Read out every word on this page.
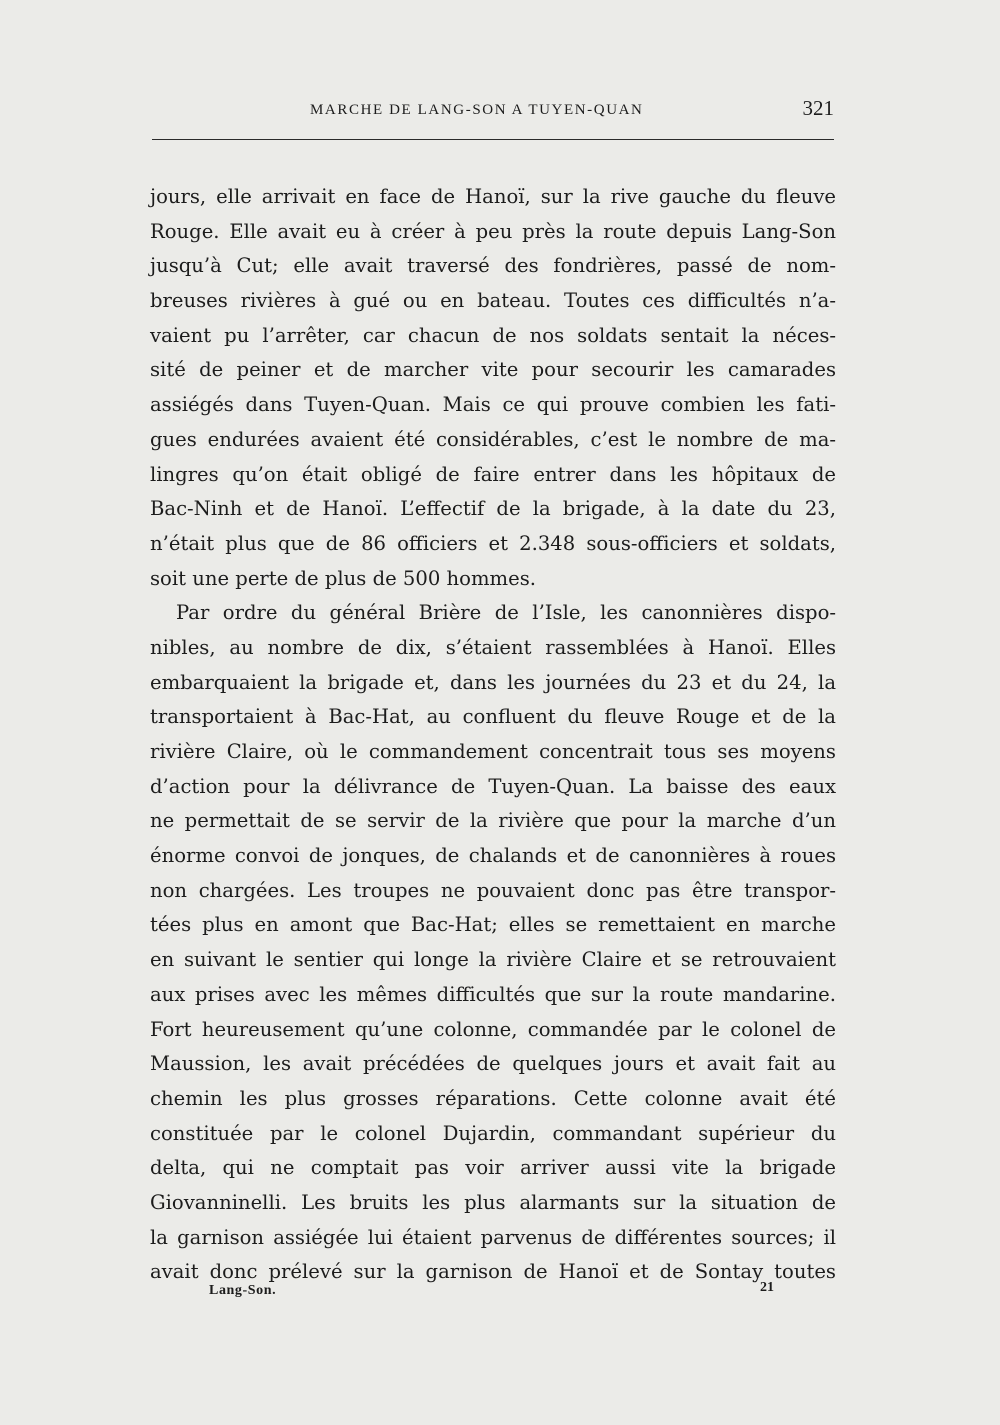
MARCHE DE LANG-SON A TUYEN-QUAN	321
jours, elle arrivait en face de Hanoï, sur la rive gauche du fleuve
Rouge. Elle avait eu à créer à peu près la route depuis Lang-Son
jusqu’à Cut; elle avait traversé des fondrières, passé de nom-
breuses rivières à gué ou en bateau. Toutes ces difficultés n’a-
vaient pu l’arrêter, car chacun de nos soldats sentait la néces-
sité de peiner et de marcher vite pour secourir les camarades
assiégés dans Tuyen-Quan. Mais ce qui prouve combien les fati-
gues endurées avaient été considérables, c’est le nombre de ma-
lingres qu’on était obligé de faire entrer dans les hôpitaux de
Bac-Ninh et de Hanoï. L’effectif de la brigade, à la date du 23,
n’était plus que de 86 officiers et 2.348 sous-officiers et soldats,
soit une perte de plus de 500 hommes.
Par ordre du général Brière de l’Isle, les canonnières dispo-
nibles, au nombre de dix, s’étaient rassemblées à Hanoï. Elles
embarquaient la brigade et, dans les journées du 23 et du 24, la
transportaient à Bac-Hat, au confluent du fleuve Rouge et de la
rivière Claire, où le commandement concentrait tous ses moyens
d’action pour la délivrance de Tuyen-Quan. La baisse des eaux
ne permettait de se servir de la rivière que pour la marche d’un
énorme convoi de jonques, de chalands et de canonnières à roues
non chargées. Les troupes ne pouvaient donc pas être transpor-
tées plus en amont que Bac-Hat; elles se remettaient en marche
en suivant le sentier qui longe la rivière Claire et se retrouvaient
aux prises avec les mêmes difficultés que sur la route mandarine.
Fort heureusement qu’une colonne, commandée par le colonel de
Maussion, les avait précédées de quelques jours et avait fait au
chemin les plus grosses réparations. Cette colonne avait été
constituée par le colonel Dujardin, commandant supérieur du
delta, qui ne comptait pas voir arriver aussi vite la brigade
Giovanninelli. Les bruits les plus alarmants sur la situation de
la garnison assiégée lui étaient parvenus de différentes sources; il
avait donc prélevé sur la garnison de Hanoï et de Sontay toutes
Lang-Son.	21
